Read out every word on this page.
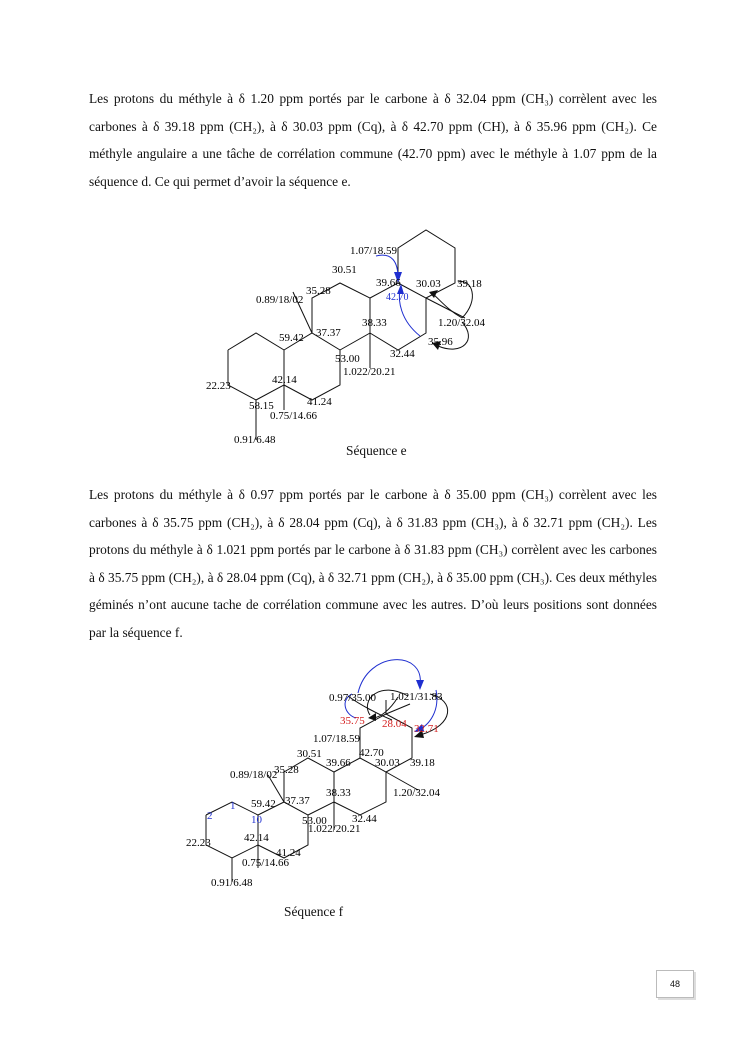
Les protons du méthyle à δ 1.20 ppm portés par le carbone à δ 32.04 ppm (CH₃) corrèlent avec les carbones à δ 39.18 ppm (CH₂), à δ 30.03 ppm (Cq), à δ 42.70 ppm (CH), à δ 35.96 ppm (CH₂). Ce méthyle angulaire a une tâche de corrélation commune (42.70 ppm) avec le méthyle à 1.07 ppm de la séquence d. Ce qui permet d’avoir la séquence e.

1.07/18.59
30.51
39.66 30.03 39.18
35.28
42.70
0.89/18/02
38.33	1.20/32.04
37.37
59.42
32.44
35.96
53.00
1.022/20.21
42.14
22.23
41.24
58.15
0.75/14.66
0.91/6.48
Séquence e

Les protons du méthyle à δ 0.97 ppm portés par le carbone à δ 35.00 ppm (CH₃) corrèlent avec les carbones à δ 35.75 ppm (CH₂), à δ 28.04 ppm (Cq), à δ 31.83 ppm (CH₃), à δ 32.71 ppm (CH₂). Les protons du méthyle à δ 1.021 ppm portés par le carbone à δ 31.83 ppm (CH₃) corrèlent avec les carbones à δ 35.75 ppm (CH₂), à δ 28.04 ppm (Cq), à δ 32.71 ppm (CH₂), à δ 35.00 ppm (CH₃). Ces deux méthyles géminés n’ont aucune tache de corrélation commune avec les autres. D’où leurs positions sont données par la séquence f.

0.97/35.00 1.021/31.83
35.75 28.04 32.71
1.07/18.59
30.51	42.70
39.66 30.03 39.18
0.89/18/02
35.28
38.33	1.20/32.04
37.37
59.42
1
2	10	53.00 32.44
1.022/20.21
42.14
22.23
41.24
0.75/14.66
0.91/6.48
Séquence f
48
